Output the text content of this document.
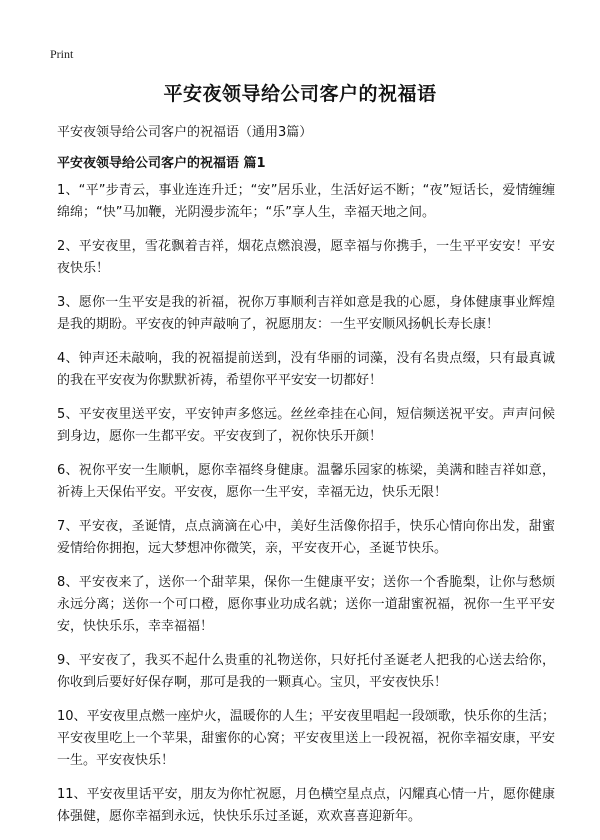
Print
平安夜领导给公司客户的祝福语

平安夜领导给公司客户的祝福语（通用3篇）

平安夜领导给公司客户的祝福语 篇1

1、“平”步青云，事业连连升迁；“安”居乐业，生活好运不断；“夜”短话长，爱情缠缠绵绵；“快”马加鞭，光阴漫步流年；“乐”享人生，幸福天地之间。

2、平安夜里，雪花飘着吉祥，烟花点燃浪漫，愿幸福与你携手，一生平平安安！平安夜快乐！

3、愿你一生平安是我的祈福，祝你万事顺利吉祥如意是我的心愿，身体健康事业辉煌是我的期盼。平安夜的钟声敲响了，祝愿朋友：一生平安顺风扬帆长寿长康！

4、钟声还未敲响，我的祝福提前送到，没有华丽的词藻，没有名贵点缀，只有最真诚的我在平安夜为你默默祈祷，希望你平平安安一切都好！

5、平安夜里送平安，平安钟声多悠远。丝丝牵挂在心间，短信频送祝平安。声声问候到身边，愿你一生都平安。平安夜到了，祝你快乐开颜！

6、祝你平安一生顺帆，愿你幸福终身健康。温馨乐园家的栋梁，美满和睦吉祥如意，祈祷上天保佑平安。平安夜，愿你一生平安，幸福无边，快乐无限！

7、平安夜，圣诞情，点点滴滴在心中，美好生活像你招手，快乐心情向你出发，甜蜜爱情给你拥抱，远大梦想冲你微笑，亲，平安夜开心，圣诞节快乐。

8、平安夜来了，送你一个甜苹果，保你一生健康平安；送你一个香脆梨，让你与愁烦永远分离；送你一个可口橙，愿你事业功成名就；送你一道甜蜜祝福，祝你一生平平安安，快快乐乐，幸幸福福！

9、平安夜了，我买不起什么贵重的礼物送你，只好托付圣诞老人把我的心送去给你，你收到后要好好保存啊，那可是我的一颗真心。宝贝，平安夜快乐！

10、平安夜里点燃一座炉火，温暖你的人生；平安夜里唱起一段颂歌，快乐你的生活；平安夜里吃上一个苹果，甜蜜你的心窝；平安夜里送上一段祝福，祝你幸福安康，平安一生。平安夜快乐！

11、平安夜里话平安，朋友为你忙祝愿，月色横空星点点，闪耀真心情一片，愿你健康体强健，愿你幸福到永远，快快乐乐过圣诞，欢欢喜喜迎新年。
